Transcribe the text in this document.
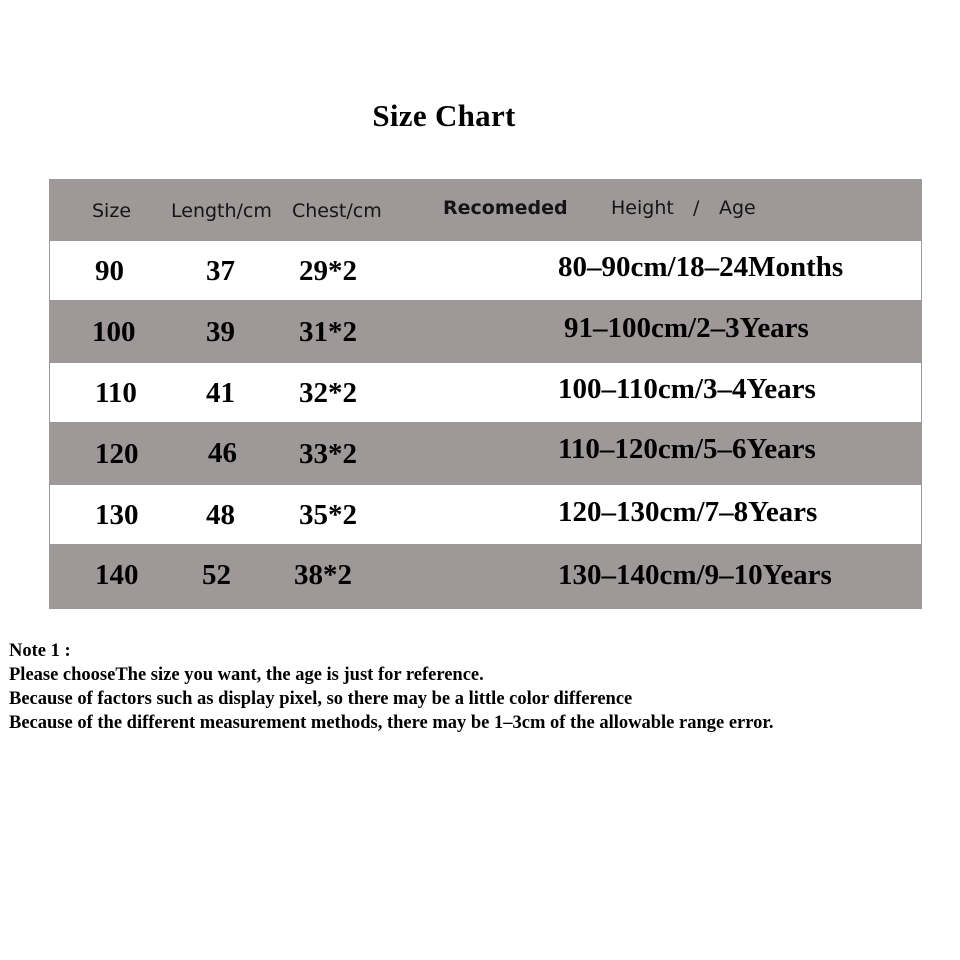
Size Chart
Size Length/cm Chest/cm	Recomeded Height / Age
90	37 29*2	80–90cm/18–24Months
100 39 31*2	91–100cm/2–3Years
110 41 32*2	100–110cm/3–4Years
120 46 33*2	110–120cm/5–6Years
130 48 35*2	120–130cm/7–8Years
140 52 38*2	130–140cm/9–10Years
Note 1 :
Please chooseThe size you want, the age is just for reference.
Because of factors such as display pixel, so there may be a little color difference
Because of the different measurement methods, there may be 1–3cm of the allowable range error.
